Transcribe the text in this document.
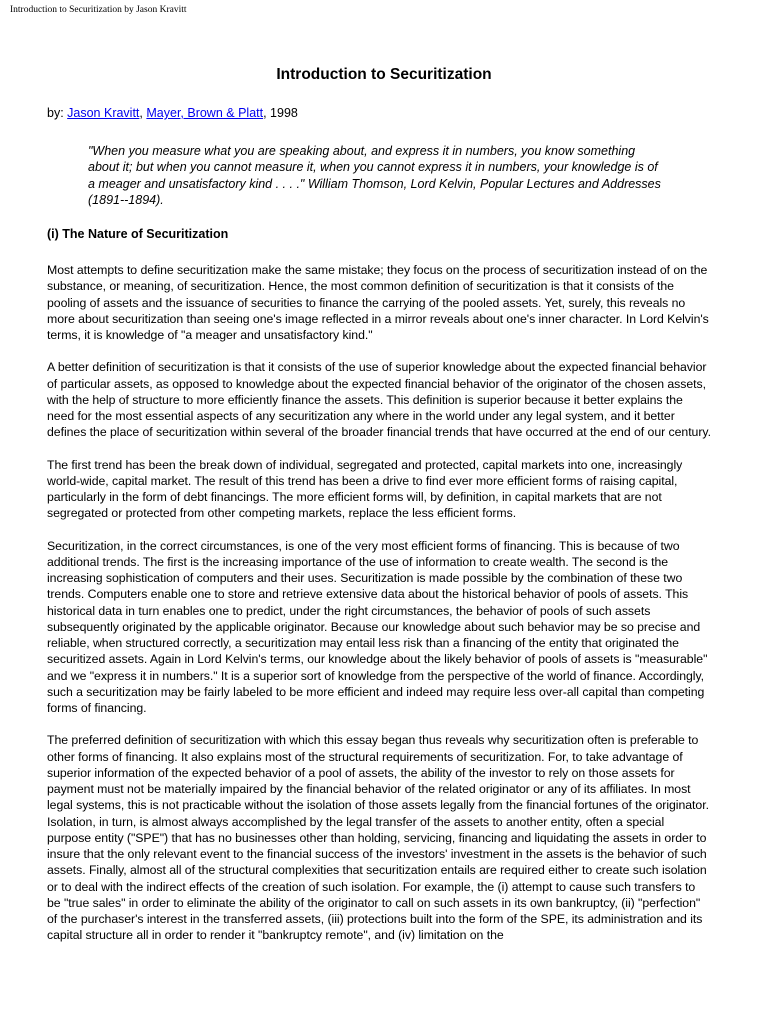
Introduction to Securitization by Jason Kravitt
Introduction to Securitization
by: Jason Kravitt, Mayer, Brown & Platt, 1998
"When you measure what you are speaking about, and express it in numbers, you know something about it; but when you cannot measure it, when you cannot express it in numbers, your knowledge is of a meager and unsatisfactory kind . . . ." William Thomson, Lord Kelvin, Popular Lectures and Addresses (1891--1894).
(i) The Nature of Securitization

Most attempts to define securitization make the same mistake; they focus on the process of securitization instead of on the substance, or meaning, of securitization. Hence, the most common definition of securitization is that it consists of the pooling of assets and the issuance of securities to finance the carrying of the pooled assets. Yet, surely, this reveals no more about securitization than seeing one's image reflected in a mirror reveals about one's inner character. In Lord Kelvin's terms, it is knowledge of "a meager and unsatisfactory kind."

A better definition of securitization is that it consists of the use of superior knowledge about the expected financial behavior of particular assets, as opposed to knowledge about the expected financial behavior of the originator of the chosen assets, with the help of structure to more efficiently finance the assets. This definition is superior because it better explains the need for the most essential aspects of any securitization any where in the world under any legal system, and it better defines the place of securitization within several of the broader financial trends that have occurred at the end of our century.

The first trend has been the break down of individual, segregated and protected, capital markets into one, increasingly world-wide, capital market. The result of this trend has been a drive to find ever more efficient forms of raising capital, particularly in the form of debt financings. The more efficient forms will, by definition, in capital markets that are not segregated or protected from other competing markets, replace the less efficient forms.

Securitization, in the correct circumstances, is one of the very most efficient forms of financing. This is because of two additional trends. The first is the increasing importance of the use of information to create wealth. The second is the increasing sophistication of computers and their uses. Securitization is made possible by the combination of these two trends. Computers enable one to store and retrieve extensive data about the historical behavior of pools of assets. This historical data in turn enables one to predict, under the right circumstances, the behavior of pools of such assets subsequently originated by the applicable originator. Because our knowledge about such behavior may be so precise and reliable, when structured correctly, a securitization may entail less risk than a financing of the entity that originated the securitized assets. Again in Lord Kelvin's terms, our knowledge about the likely behavior of pools of assets is "measurable" and we "express it in numbers." It is a superior sort of knowledge from the perspective of the world of finance. Accordingly, such a securitization may be fairly labeled to be more efficient and indeed may require less over-all capital than competing forms of financing.

The preferred definition of securitization with which this essay began thus reveals why securitization often is preferable to other forms of financing. It also explains most of the structural requirements of securitization. For, to take advantage of superior information of the expected behavior of a pool of assets, the ability of the investor to rely on those assets for payment must not be materially impaired by the financial behavior of the related originator or any of its affiliates. In most legal systems, this is not practicable without the isolation of those assets legally from the financial fortunes of the originator. Isolation, in turn, is almost always accomplished by the legal transfer of the assets to another entity, often a special purpose entity ("SPE") that has no businesses other than holding, servicing, financing and liquidating the assets in order to insure that the only relevant event to the financial success of the investors' investment in the assets is the behavior of such assets. Finally, almost all of the structural complexities that securitization entails are required either to create such isolation or to deal with the indirect effects of the creation of such isolation. For example, the (i) attempt to cause such transfers to be "true sales" in order to eliminate the ability of the originator to call on such assets in its own bankruptcy, (ii) "perfection" of the purchaser's interest in the transferred assets, (iii) protections built into the form of the SPE, its administration and its capital structure all in order to render it "bankruptcy remote", and (iv) limitation on the
